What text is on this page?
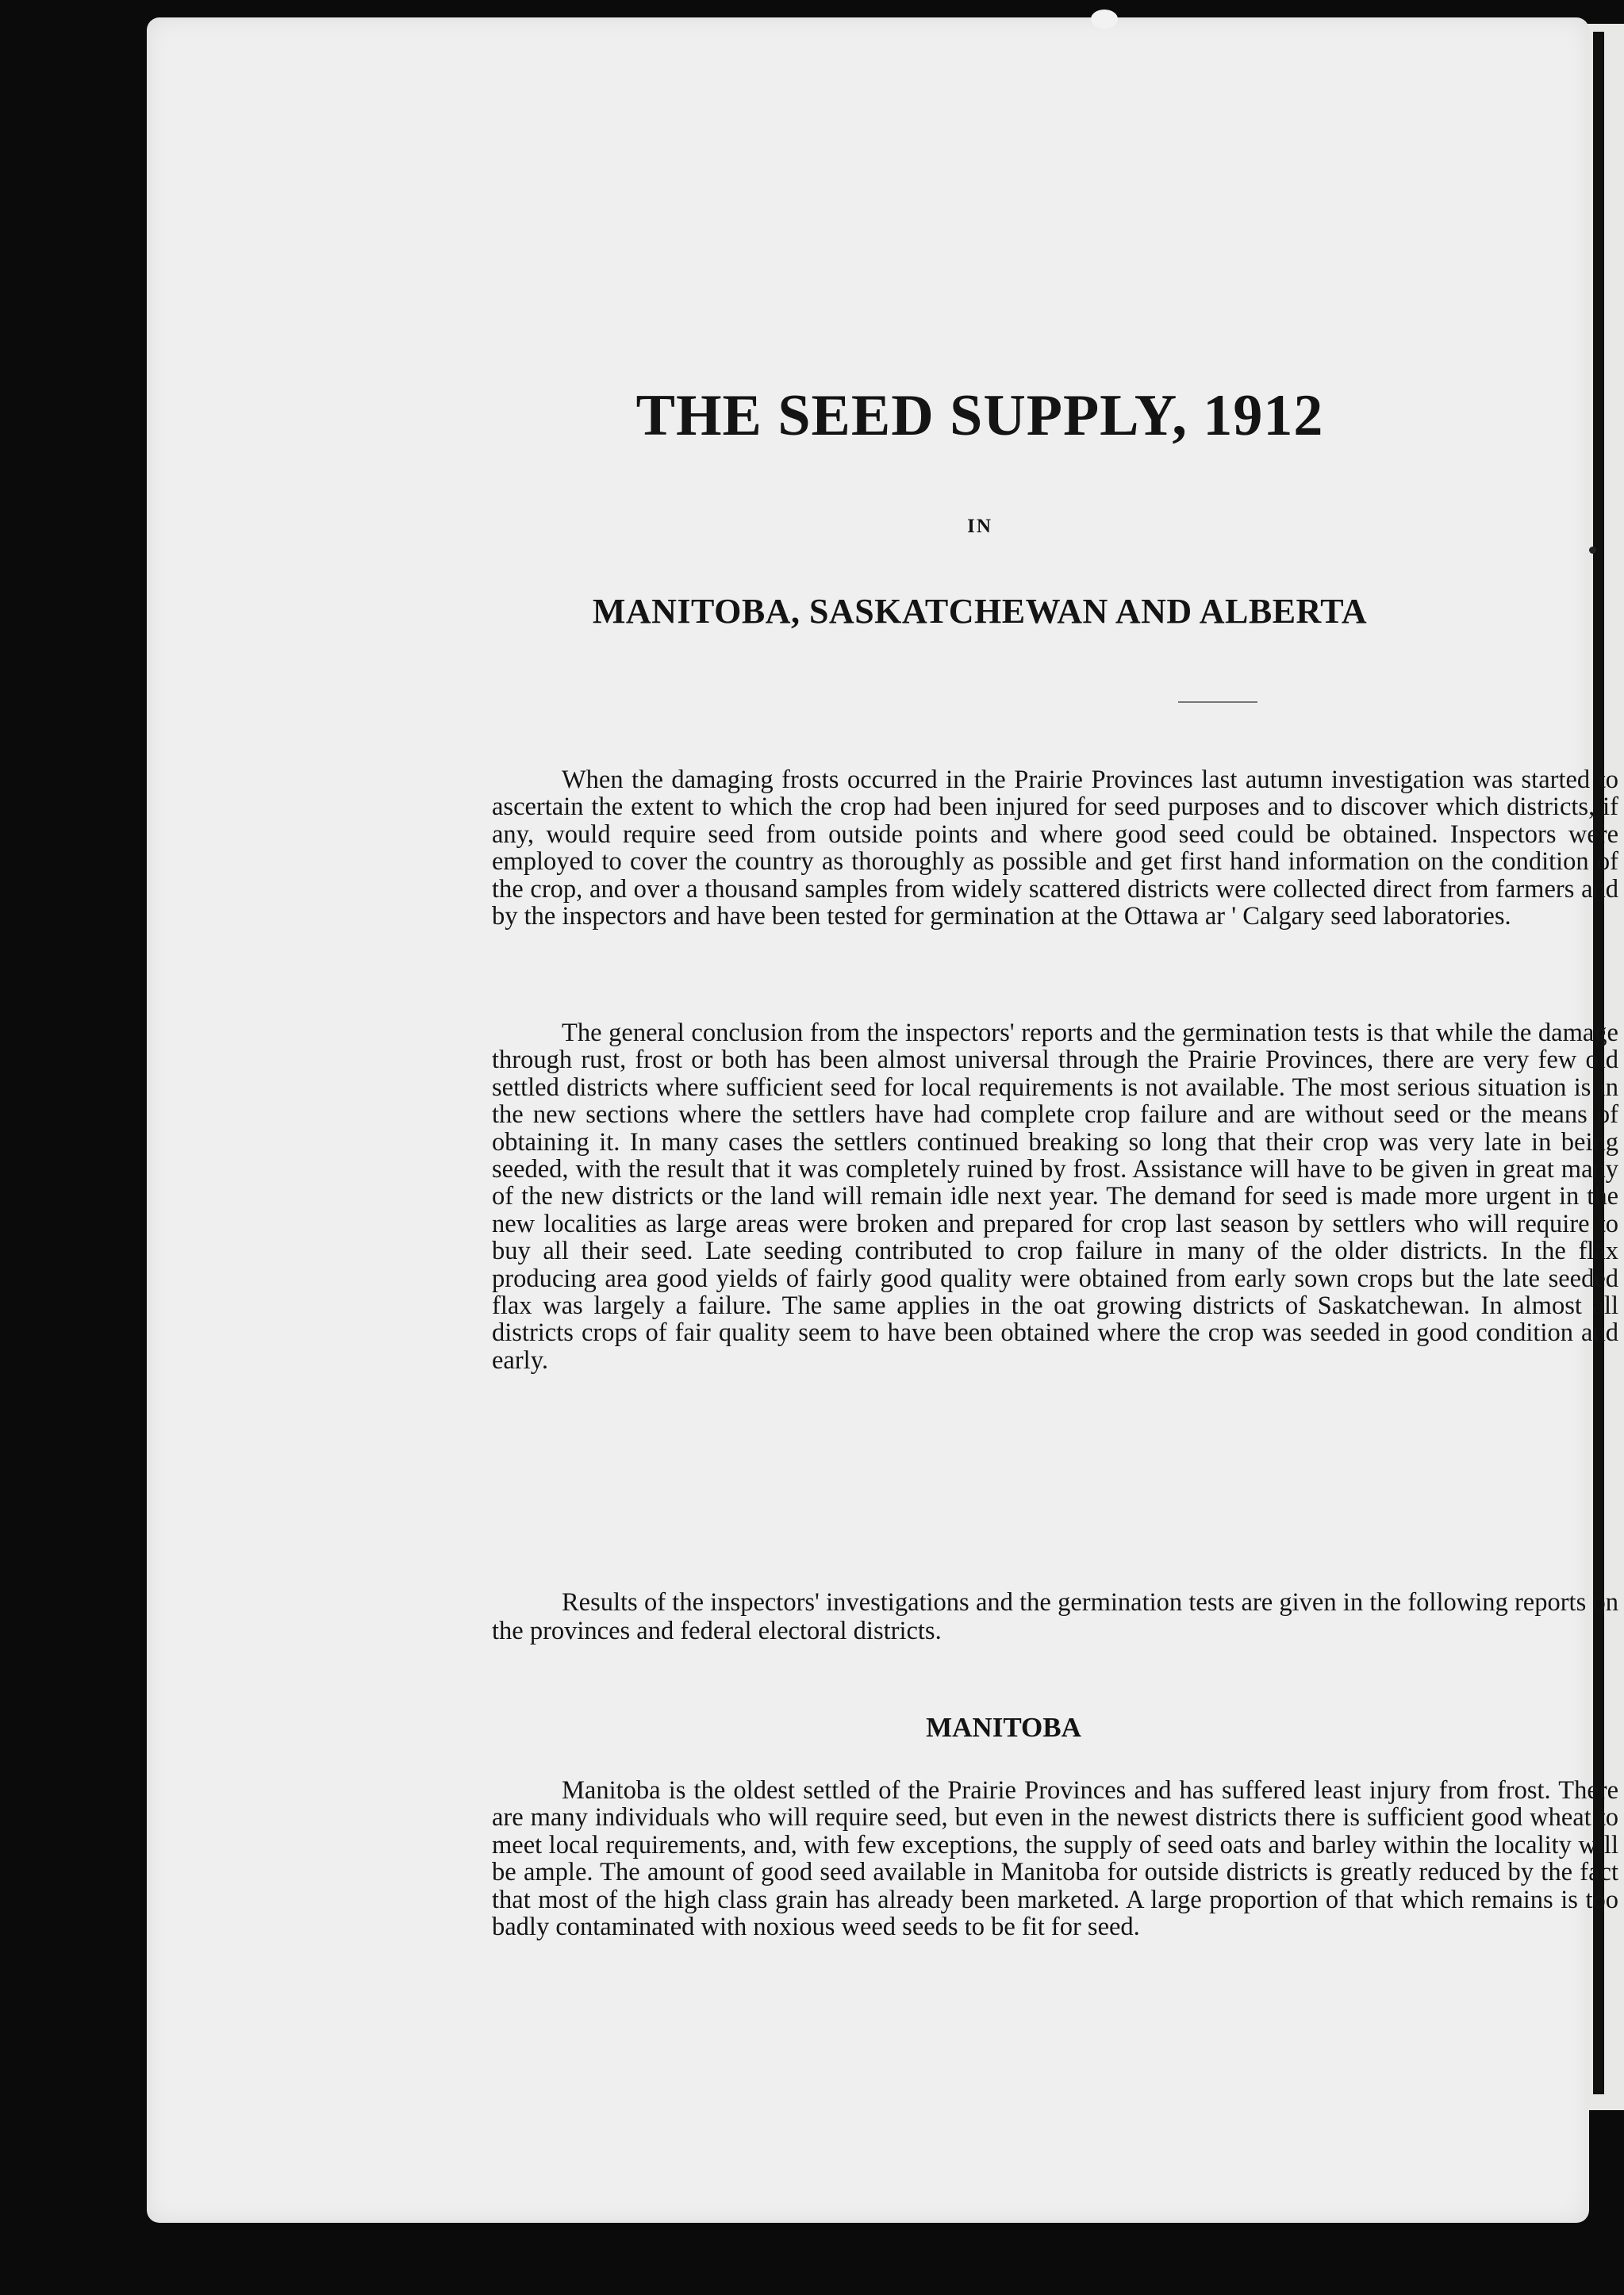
THE SEED SUPPLY, 1912
IN
MANITOBA, SASKATCHEWAN AND ALBERTA

When the damaging frosts occurred in the Prairie Provinces last autumn investigation was started to ascertain the extent to which the crop had been injured for seed purposes and to discover which districts, if any, would require seed from outside points and where good seed could be obtained. Inspectors were employed to cover the country as thoroughly as possible and get first hand information on the condition of the crop, and over a thousand samples from widely scattered districts were collected direct from farmers and by the inspectors and have been tested for germination at the Ottawa ar ' Calgary seed laboratories.

The general conclusion from the inspectors' reports and the germination tests is that while the damage through rust, frost or both has been almost universal through the Prairie Provinces, there are very few old settled districts where sufficient seed for local requirements is not available. The most serious situation is in the new sections where the settlers have had complete crop failure and are without seed or the means of obtaining it. In many cases the settlers continued breaking so long that their crop was very late in being seeded, with the result that it was completely ruined by frost. Assistance will have to be given in great many of the new districts or the land will remain idle next year. The demand for seed is made more urgent in the new localities as large areas were broken and prepared for crop last season by settlers who will require to buy all their seed. Late seeding contributed to crop failure in many of the older districts. In the flax producing area good yields of fairly good quality were obtained from early sown crops but the late seeded flax was largely a failure. The same applies in the oat growing districts of Saskatchewan. In almost all districts crops of fair quality seem to have been obtained where the crop was seeded in good condition and early.

Results of the inspectors' investigations and the germination tests are given in the following reports on the provinces and federal electoral districts.

MANITOBA

Manitoba is the oldest settled of the Prairie Provinces and has suffered least injury from frost. There are many individuals who will require seed, but even in the newest districts there is sufficient good wheat to meet local requirements, and, with few exceptions, the supply of seed oats and barley within the locality will be ample. The amount of good seed available in Manitoba for outside districts is greatly reduced by the fact that most of the high class grain has already been marketed. A large proportion of that which remains is too badly contaminated with noxious weed seeds to be fit for seed.
